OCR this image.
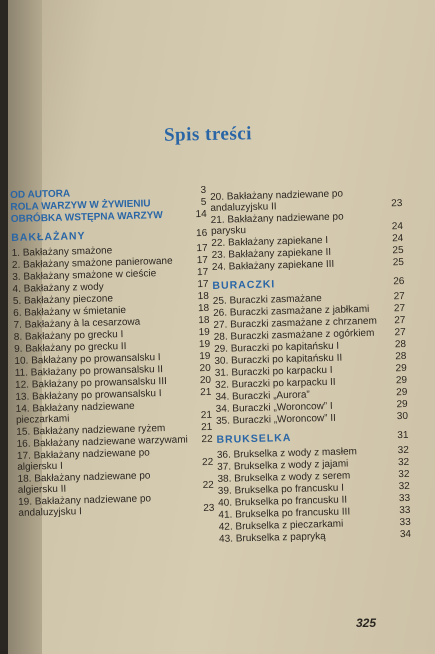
Spis treści
OD AUTORA	3
ROLA WARZYW W ŻYWIENIU	5
OBRÓBKA WSTĘPNA WARZYW	14
BAKŁAŻANY	16
1. Bakłażany smażone	17
2. Bakłażany smażone panierowane	17
3. Bakłażany smażone w cieście	17
4. Bakłażany z wody	17
5. Bakłażany pieczone	18
6. Bakłażany w śmietanie	18
7. Bakłażany à la cesarzowa	18
8. Bakłażany po grecku I	19
9. Bakłażany po grecku II	19
10. Bakłażany po prowansalsku I	19
11. Bakłażany po prowansalsku II	20
12. Bakłażany po prowansalsku III	20
13. Bakłażany po prowansalsku I	21
14. Bakłażany nadziewane pieczarkami	21
15. Bakłażany nadziewane ryżem	21
16. Bakłażany nadziewane warzywami	22
17. Bakłażany nadziewane po algiersku I	22
18. Bakłażany nadziewane po algiersku II	22
19. Bakłażany nadziewane po andaluzyjsku I	23
20. Bakłażany nadziewane po andaluzyjsku II	23
21. Bakłażany nadziewane po parysku	24
22. Bakłażany zapiekane I	24
23. Bakłażany zapiekane II	25
24. Bakłażany zapiekane III	25
BURACZKI	26
25. Buraczki zasmażane	27
26. Buraczki zasmażane z jabłkami	27
27. Buraczki zasmażane z chrzanem	27
28. Buraczki zasmażane z ogórkiem	27
29. Buraczki po kapitańsku I	28
30. Buraczki po kapitańsku II	28
31. Buraczki po karpacku I	29
32. Buraczki po karpacku II	29
34. Buraczki „Aurora”	29
34. Buraczki „Woroncow” I	29
35. Buraczki „Woroncow” II	30
BRUKSELKA	31
36. Brukselka z wody z masłem	32
37. Brukselka z wody z jajami	32
38. Brukselka z wody z serem	32
39. Brukselka po francusku I	32
40. Brukselka po francusku II	33
41. Brukselka po francusku III	33
42. Brukselka z pieczarkami	33
43. Brukselka z papryką	34
325
